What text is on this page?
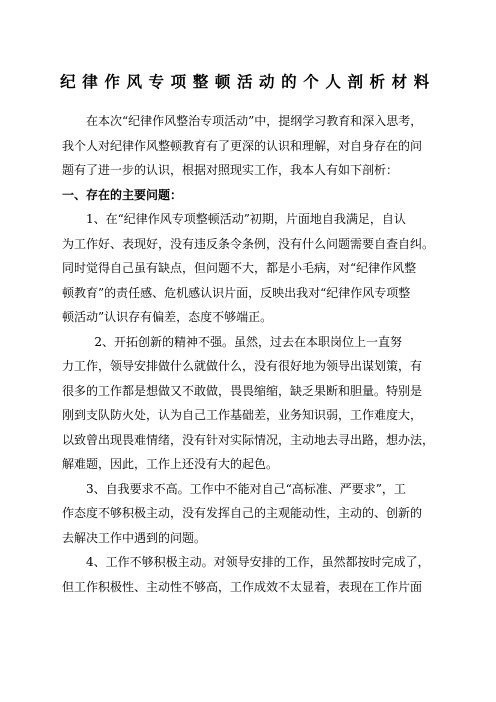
纪律作风专项整顿活动的个人剖析材料

在本次“纪律作风整治专项活动”中，提纲学习教育和深入思考，
我个人对纪律作风整顿教育有了更深的认识和理解，对自身存在的问
题有了进一步的认识，根据对照现实工作，我本人有如下剖析：

一、存在的主要问题：

1、在“纪律作风专项整顿活动”初期，片面地自我满足，自认
为工作好、表现好，没有违反条令条例，没有什么问题需要自查自纠。
同时觉得自己虽有缺点，但问题不大，都是小毛病，对“纪律作风整
顿教育”的责任感、危机感认识片面，反映出我对“纪律作风专项整
顿活动”认识存有偏差，态度不够端正。

2、开拓创新的精神不强。虽然，过去在本职岗位上一直努
力工作，领导安排做什么就做什么，没有很好地为领导出谋划策，有
很多的工作都是想做又不敢做，畏畏缩缩，缺乏果断和胆量。特别是
刚到支队防火处，认为自己工作基础差，业务知识弱，工作难度大，
以致曾出现畏难情绪，没有针对实际情况，主动地去寻出路，想办法，
解难题，因此，工作上还没有大的起色。

3、自我要求不高。工作中不能对自己“高标准、严要求”，工
作态度不够积极主动，没有发挥自己的主观能动性，主动的、创新的
去解决工作中遇到的问题。

4、工作不够积极主动。对领导安排的工作，虽然都按时完成了，
但工作积极性、主动性不够高，工作成效不太显着，表现在工作片面
